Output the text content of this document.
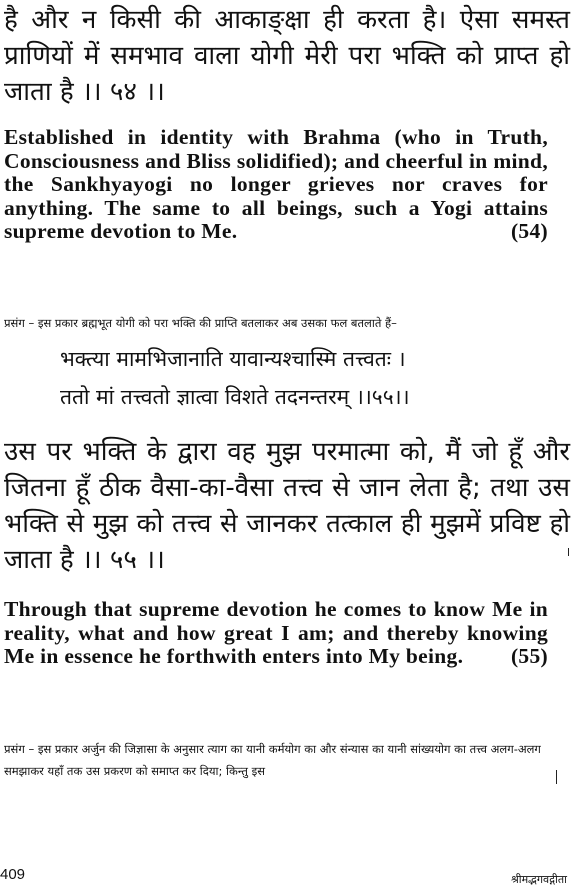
है और न किसी की आकाङ्क्षा ही करता है। ऐसा समस्त प्राणियों में समभाव वाला योगी मेरी परा भक्ति को प्राप्त हो जाता है ।। ५४ ।।
Established in identity with Brahma (who in Truth, Consciousness and Bliss solidified); and cheerful in mind, the Sankhyayogi no longer grieves nor craves for anything. The same to all beings, such a Yogi attains supreme devotion to Me.	(54)
प्रसंग – इस प्रकार ब्रह्मभूत योगी को परा भक्ति की प्राप्ति बतलाकर अब उसका फल बतलाते हैं–
भक्त्या मामभिजानाति यावान्यश्चास्मि तत्त्वतः ।
ततो मां तत्त्वतो ज्ञात्वा विशते तदनन्तरम् ।।५५।।
उस पर भक्ति के द्वारा वह मुझ परमात्मा को, मैं जो हूँ और जितना हूँ ठीक वैसा-का-वैसा तत्त्व से जान लेता है; तथा उस भक्ति से मुझ को तत्त्व से जानकर तत्काल ही मुझमें प्रविष्ट हो जाता है ।। ५५ ।।
Through that supreme devotion he comes to know Me in reality, what and how great I am; and thereby knowing Me in essence he forthwith enters into My being. (55)
प्रसंग – इस प्रकार अर्जुन की जिज्ञासा के अनुसार त्याग का यानी कर्मयोग का और संन्यास का यानी सांख्ययोग का तत्त्व अलग-अलग समझाकर यहाँ तक उस प्रकरण को समाप्त कर दिया; किन्तु इस
409	श्रीमद्भगवद्गीता
